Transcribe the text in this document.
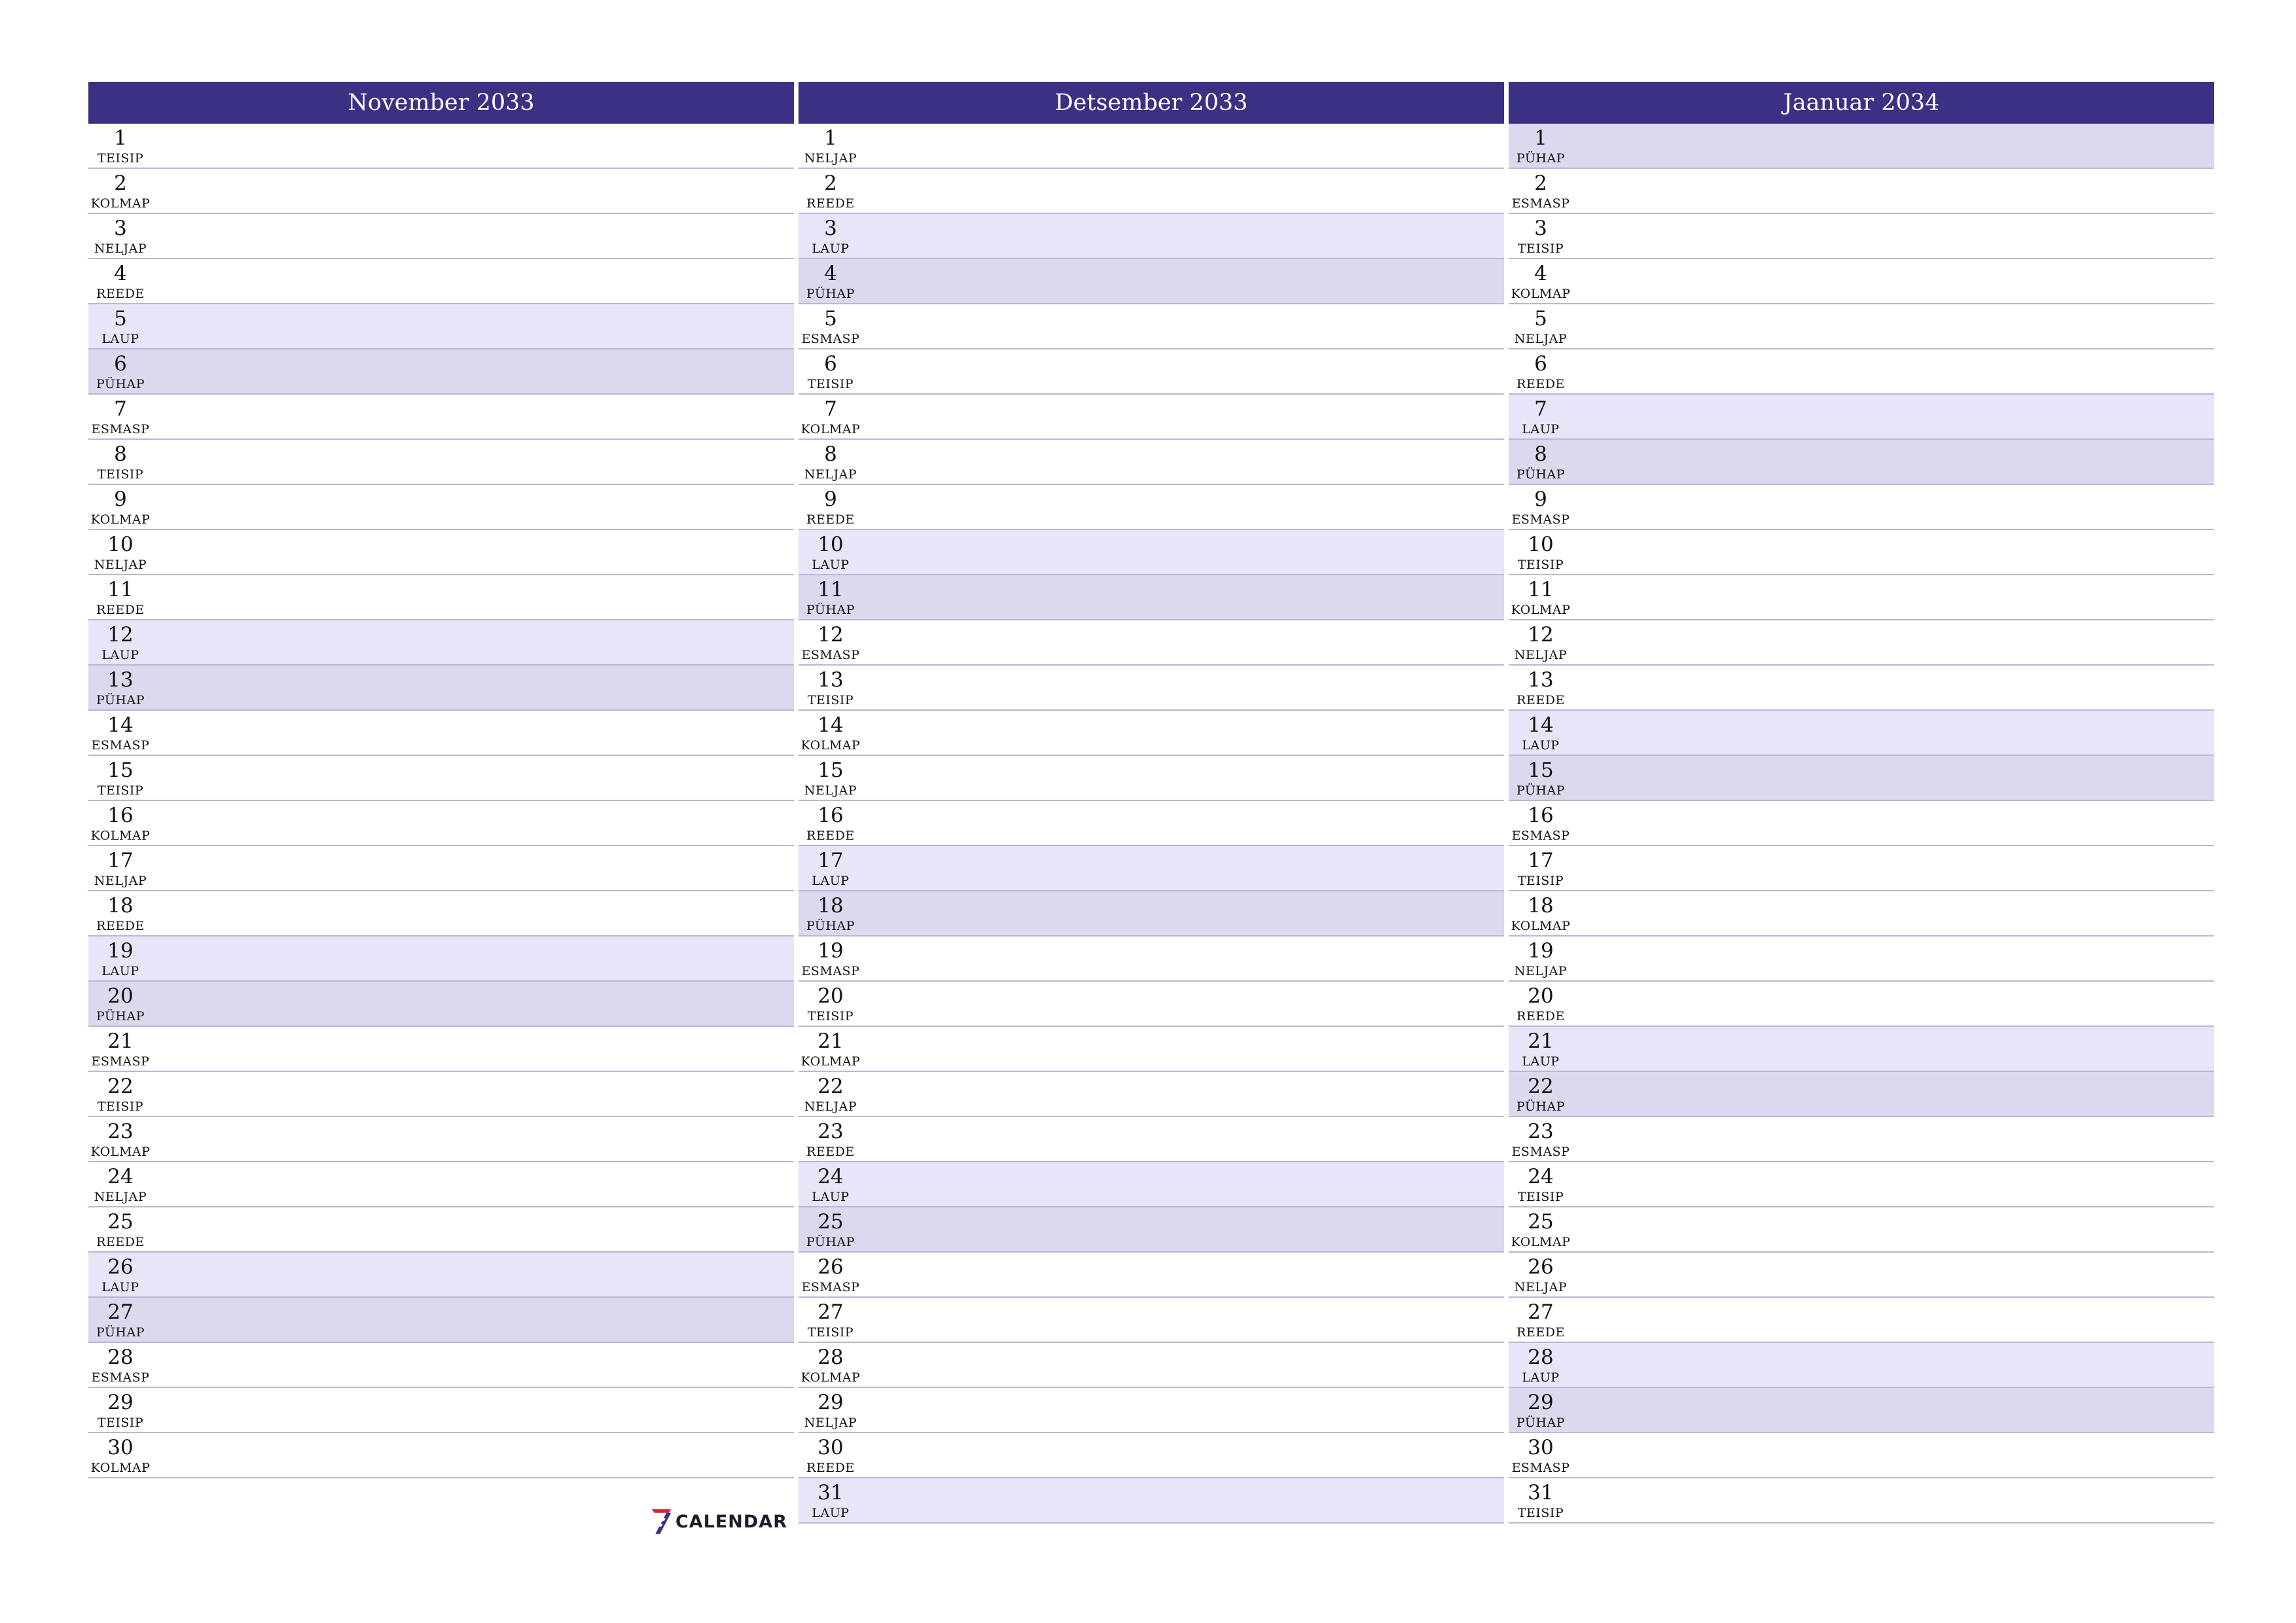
November 2033
1
TEISIP
2
KOLMAP
3
NELJAP
4
REEDE
5
LAUP
6
PÜHAP
7
ESMASP
8
TEISIP
9
KOLMAP
10
NELJAP
11
REEDE
12
LAUP
13
PÜHAP
14
ESMASP
15
TEISIP
16
KOLMAP
17
NELJAP
18
REEDE
19
LAUP
20
PÜHAP
21
ESMASP
22
TEISIP
23
KOLMAP
24
NELJAP
25
REEDE
26
LAUP
27
PÜHAP
28
ESMASP
29
TEISIP
30
KOLMAP
Detsember 2033
1
NELJAP
2
REEDE
3
LAUP
4
PÜHAP
5
ESMASP
6
TEISIP
7
KOLMAP
8
NELJAP
9
REEDE
10
LAUP
11
PÜHAP
12
ESMASP
13
TEISIP
14
KOLMAP
15
NELJAP
16
REEDE
17
LAUP
18
PÜHAP
19
ESMASP
20
TEISIP
21
KOLMAP
22
NELJAP
23
REEDE
24
LAUP
25
PÜHAP
26
ESMASP
27
TEISIP
28
KOLMAP
29
NELJAP
30
REEDE
31
LAUP
Jaanuar 2034
1
PÜHAP
2
ESMASP
3
TEISIP
4
KOLMAP
5
NELJAP
6
REEDE
7
LAUP
8
PÜHAP
9
ESMASP
10
TEISIP
11
KOLMAP
12
NELJAP
13
REEDE
14
LAUP
15
PÜHAP
16
ESMASP
17
TEISIP
18
KOLMAP
19
NELJAP
20
REEDE
21
LAUP
22
PÜHAP
23
ESMASP
24
TEISIP
25
KOLMAP
26
NELJAP
27
REEDE
28
LAUP
29
PÜHAP
30
ESMASP
31
TEISIP
CALENDAR
